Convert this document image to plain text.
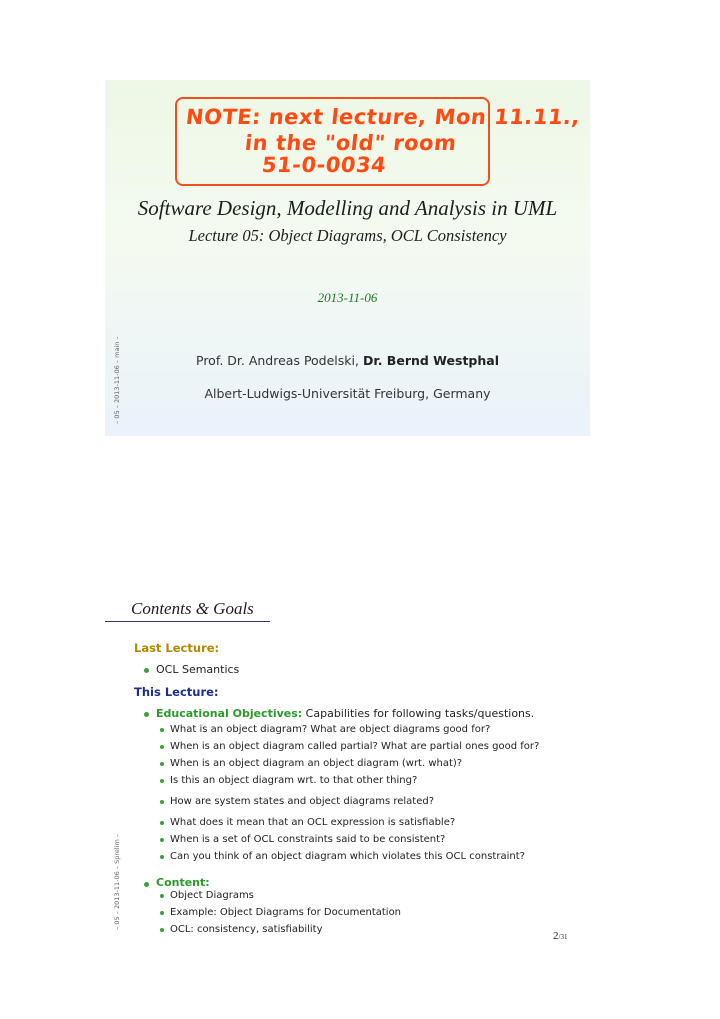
NOTE: next lecture, Mon 11.11.,
in the "old" room
51-0-0034
Software Design, Modelling and Analysis in UML
Lecture 05: Object Diagrams, OCL Consistency
2013-11-06
Prof. Dr. Andreas Podelski, Dr. Bernd Westphal
Albert-Ludwigs-Universität Freiburg, Germany
– 05 – 2013-11-06 – main –
Contents & Goals
Last Lecture:
OCL Semantics
This Lecture:
Educational Objectives: Capabilities for following tasks/questions.
What is an object diagram? What are object diagrams good for?
When is an object diagram called partial? What are partial ones good for?
When is an object diagram an object diagram (wrt. what)?
Is this an object diagram wrt. to that other thing?
How are system states and object diagrams related?
What does it mean that an OCL expression is satisfiable?
When is a set of OCL constraints said to be consistent?
Can you think of an object diagram which violates this OCL constraint?
Content:
Object Diagrams
Example: Object Diagrams for Documentation
OCL: consistency, satisfiability
– 05 – 2013-11-06 – Sprelim –
2/31
